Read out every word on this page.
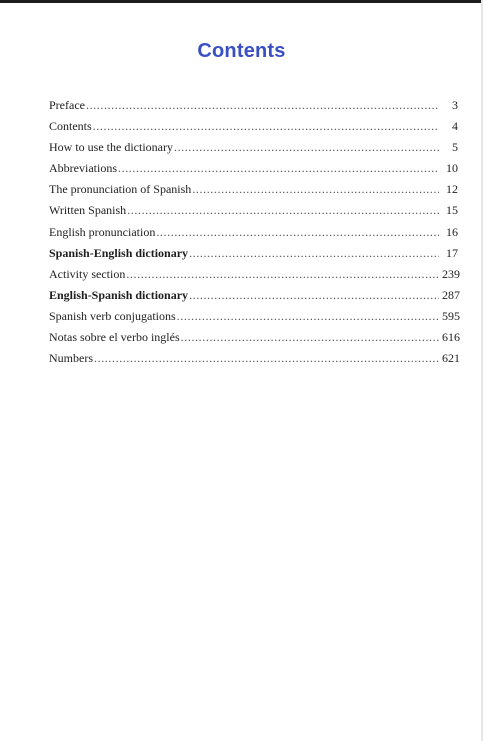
Contents
Preface .....	3
Contents .....	4
How to use the dictionary .....	5
Abbreviations .....	10
The pronunciation of Spanish .....	12
Written Spanish .....	15
English pronunciation .....	16
Spanish-English dictionary .....	17
Activity section .....	239
English-Spanish dictionary .....	287
Spanish verb conjugations .....	595
Notas sobre el verbo inglés .....	616
Numbers .....	621
